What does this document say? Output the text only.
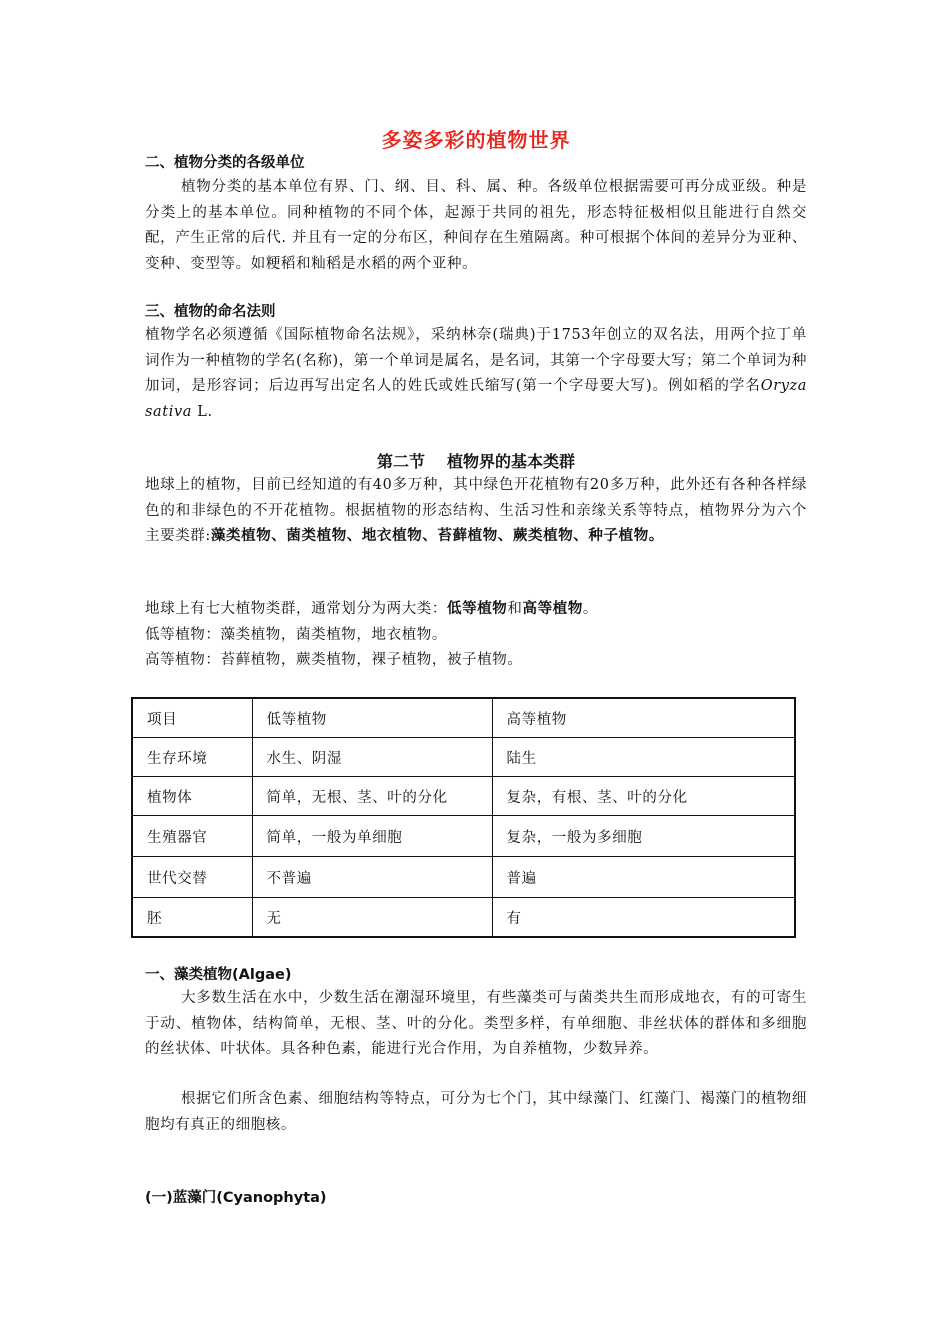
多姿多彩的植物世界
二、植物分类的各级单位

植物分类的基本单位有界、门、纲、目、科、属、种。各级单位根据需要可再分成亚级。种是分类上的基本单位。同种植物的不同个体，起源于共同的祖先，形态特征极相似且能进行自然交配，产生正常的后代. 并且有一定的分布区，种间存在生殖隔离。种可根据个体间的差异分为亚种、变种、变型等。如粳稻和籼稻是水稻的两个亚种。

三、植物的命名法则

植物学名必须遵循《国际植物命名法规》，采纳林奈(瑞典)于1753年创立的双名法，用两个拉丁单词作为一种植物的学名(名称)，第一个单词是属名，是名词，其第一个字母要大写；第二个单词为种加词，是形容词；后边再写出定名人的姓氏或姓氏缩写(第一个字母要大写)。例如稻的学名Oryza sativa L.

第二节 植物界的基本类群

地球上的植物，目前已经知道的有40多万种，其中绿色开花植物有20多万种，此外还有各种各样绿色的和非绿色的不开花植物。根据植物的形态结构、生活习性和亲缘关系等特点，植物界分为六个主要类群:藻类植物、菌类植物、地衣植物、苔藓植物、蕨类植物、种子植物。

地球上有七大植物类群，通常划分为两大类：低等植物和高等植物。
低等植物：藻类植物，菌类植物，地衣植物。
高等植物：苔藓植物，蕨类植物，裸子植物，被子植物。

项目	低等植物	高等植物
生存环境	水生、阴湿	陆生
植物体	简单，无根、茎、叶的分化	复杂，有根、茎、叶的分化
生殖器官	简单，一般为单细胞	复杂，一般为多细胞
世代交替	不普遍	普遍
胚	无	有
一、藻类植物(Algae)

大多数生活在水中，少数生活在潮湿环境里，有些藻类可与菌类共生而形成地衣，有的可寄生于动、植物体，结构简单，无根、茎、叶的分化。类型多样，有单细胞、非丝状体的群体和多细胞的丝状体、叶状体。具各种色素，能进行光合作用，为自养植物，少数异养。

根据它们所含色素、细胞结构等特点，可分为七个门，其中绿藻门、红藻门、褐藻门的植物细胞均有真正的细胞核。

(一)蓝藻门(Cyanophyta)
